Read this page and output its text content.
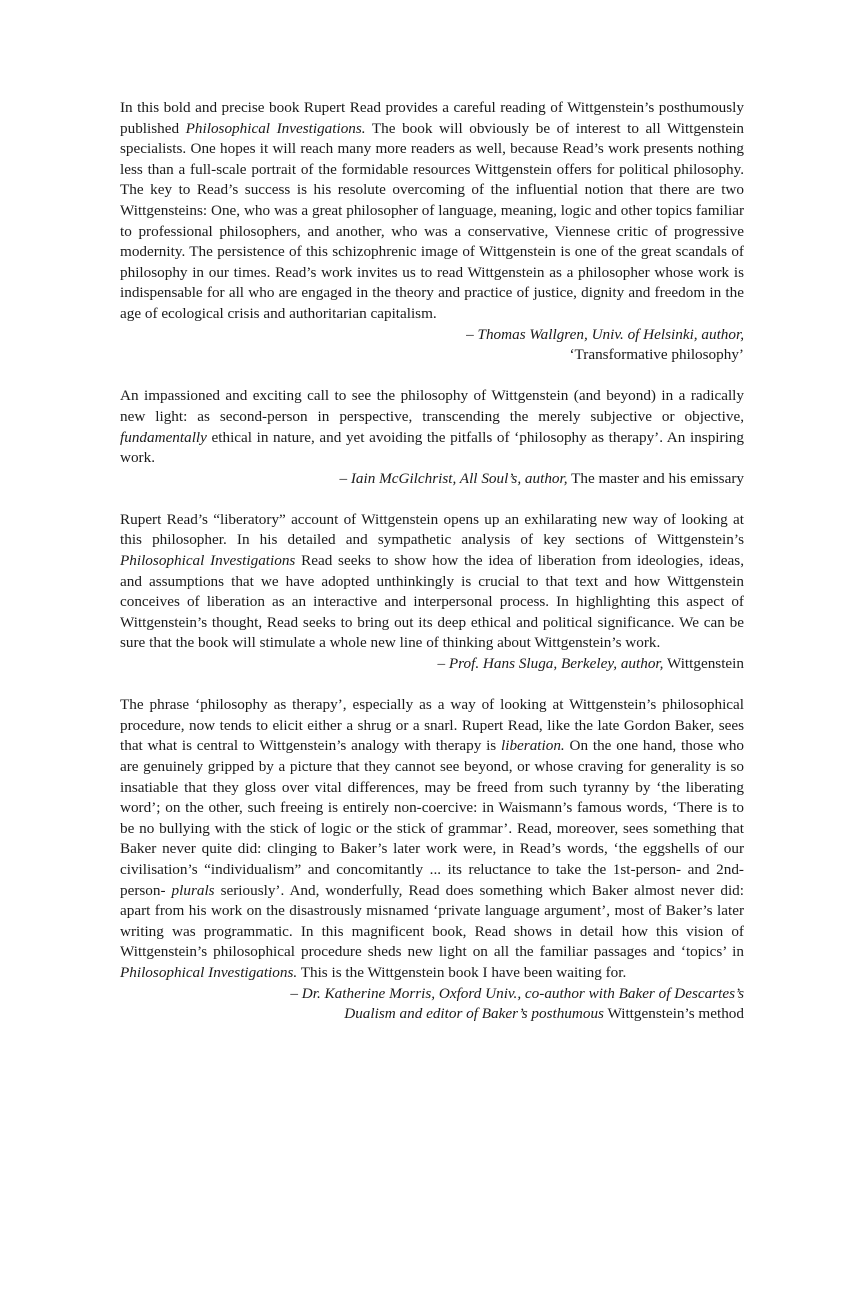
In this bold and precise book Rupert Read provides a careful reading of Wittgenstein’s posthumously published Philosophical Investigations. The book will obviously be of interest to all Wittgenstein specialists. One hopes it will reach many more readers as well, because Read’s work presents nothing less than a full-scale portrait of the formidable resources Wittgenstein offers for political philosophy. The key to Read’s success is his resolute overcoming of the influential notion that there are two Wittgensteins: One, who was a great philosopher of language, meaning, logic and other topics familiar to professional philosophers, and another, who was a conservative, Viennese critic of progressive modernity. The persistence of this schizophrenic image of Wittgenstein is one of the great scandals of philosophy in our times. Read’s work invites us to read Wittgenstein as a philosopher whose work is indispensable for all who are engaged in the theory and practice of justice, dignity and freedom in the age of ecological crisis and authoritarian capitalism.

– Thomas Wallgren, Univ. of Helsinki, author,

‘Transformative philosophy’

An impassioned and exciting call to see the philosophy of Wittgenstein (and beyond) in a radically new light: as second-person in perspective, transcending the merely subjective or objective, fundamentally ethical in nature, and yet avoiding the pitfalls of ‘philosophy as therapy’. An inspiring work.

– Iain McGilchrist, All Soul’s, author, The master and his emissary

Rupert Read’s “liberatory” account of Wittgenstein opens up an exhilarating new way of looking at this philosopher. In his detailed and sympathetic analysis of key sections of Wittgenstein’s Philosophical Investigations Read seeks to show how the idea of liberation from ideologies, ideas, and assumptions that we have adopted unthinkingly is crucial to that text and how Wittgenstein conceives of liberation as an interactive and interpersonal process. In highlighting this aspect of Wittgenstein’s thought, Read seeks to bring out its deep ethical and political significance. We can be sure that the book will stimulate a whole new line of thinking about Wittgenstein’s work.

– Prof. Hans Sluga, Berkeley, author, Wittgenstein

The phrase ‘philosophy as therapy’, especially as a way of looking at Wittgenstein’s philosophical procedure, now tends to elicit either a shrug or a snarl. Rupert Read, like the late Gordon Baker, sees that what is central to Wittgenstein’s analogy with therapy is liberation. On the one hand, those who are genuinely gripped by a picture that they cannot see beyond, or whose craving for generality is so insatiable that they gloss over vital differences, may be freed from such tyranny by ‘the liberating word’; on the other, such freeing is entirely non-coercive: in Waismann’s famous words, ‘There is to be no bullying with the stick of logic or the stick of grammar’. Read, moreover, sees something that Baker never quite did: clinging to Baker’s later work were, in Read’s words, ‘the eggshells of our civilisation’s “individualism” and concomitantly ... its reluctance to take the 1st-person- and 2nd-person- plurals seriously’. And, wonderfully, Read does something which Baker almost never did: apart from his work on the disastrously misnamed ‘private language argument’, most of Baker’s later writing was programmatic. In this magnificent book, Read shows in detail how this vision of Wittgenstein’s philosophical procedure sheds new light on all the familiar passages and ‘topics’ in Philosophical Investigations. This is the Wittgenstein book I have been waiting for.

– Dr. Katherine Morris, Oxford Univ., co-author with Baker of Descartes’s

Dualism and editor of Baker’s posthumous Wittgenstein’s method
